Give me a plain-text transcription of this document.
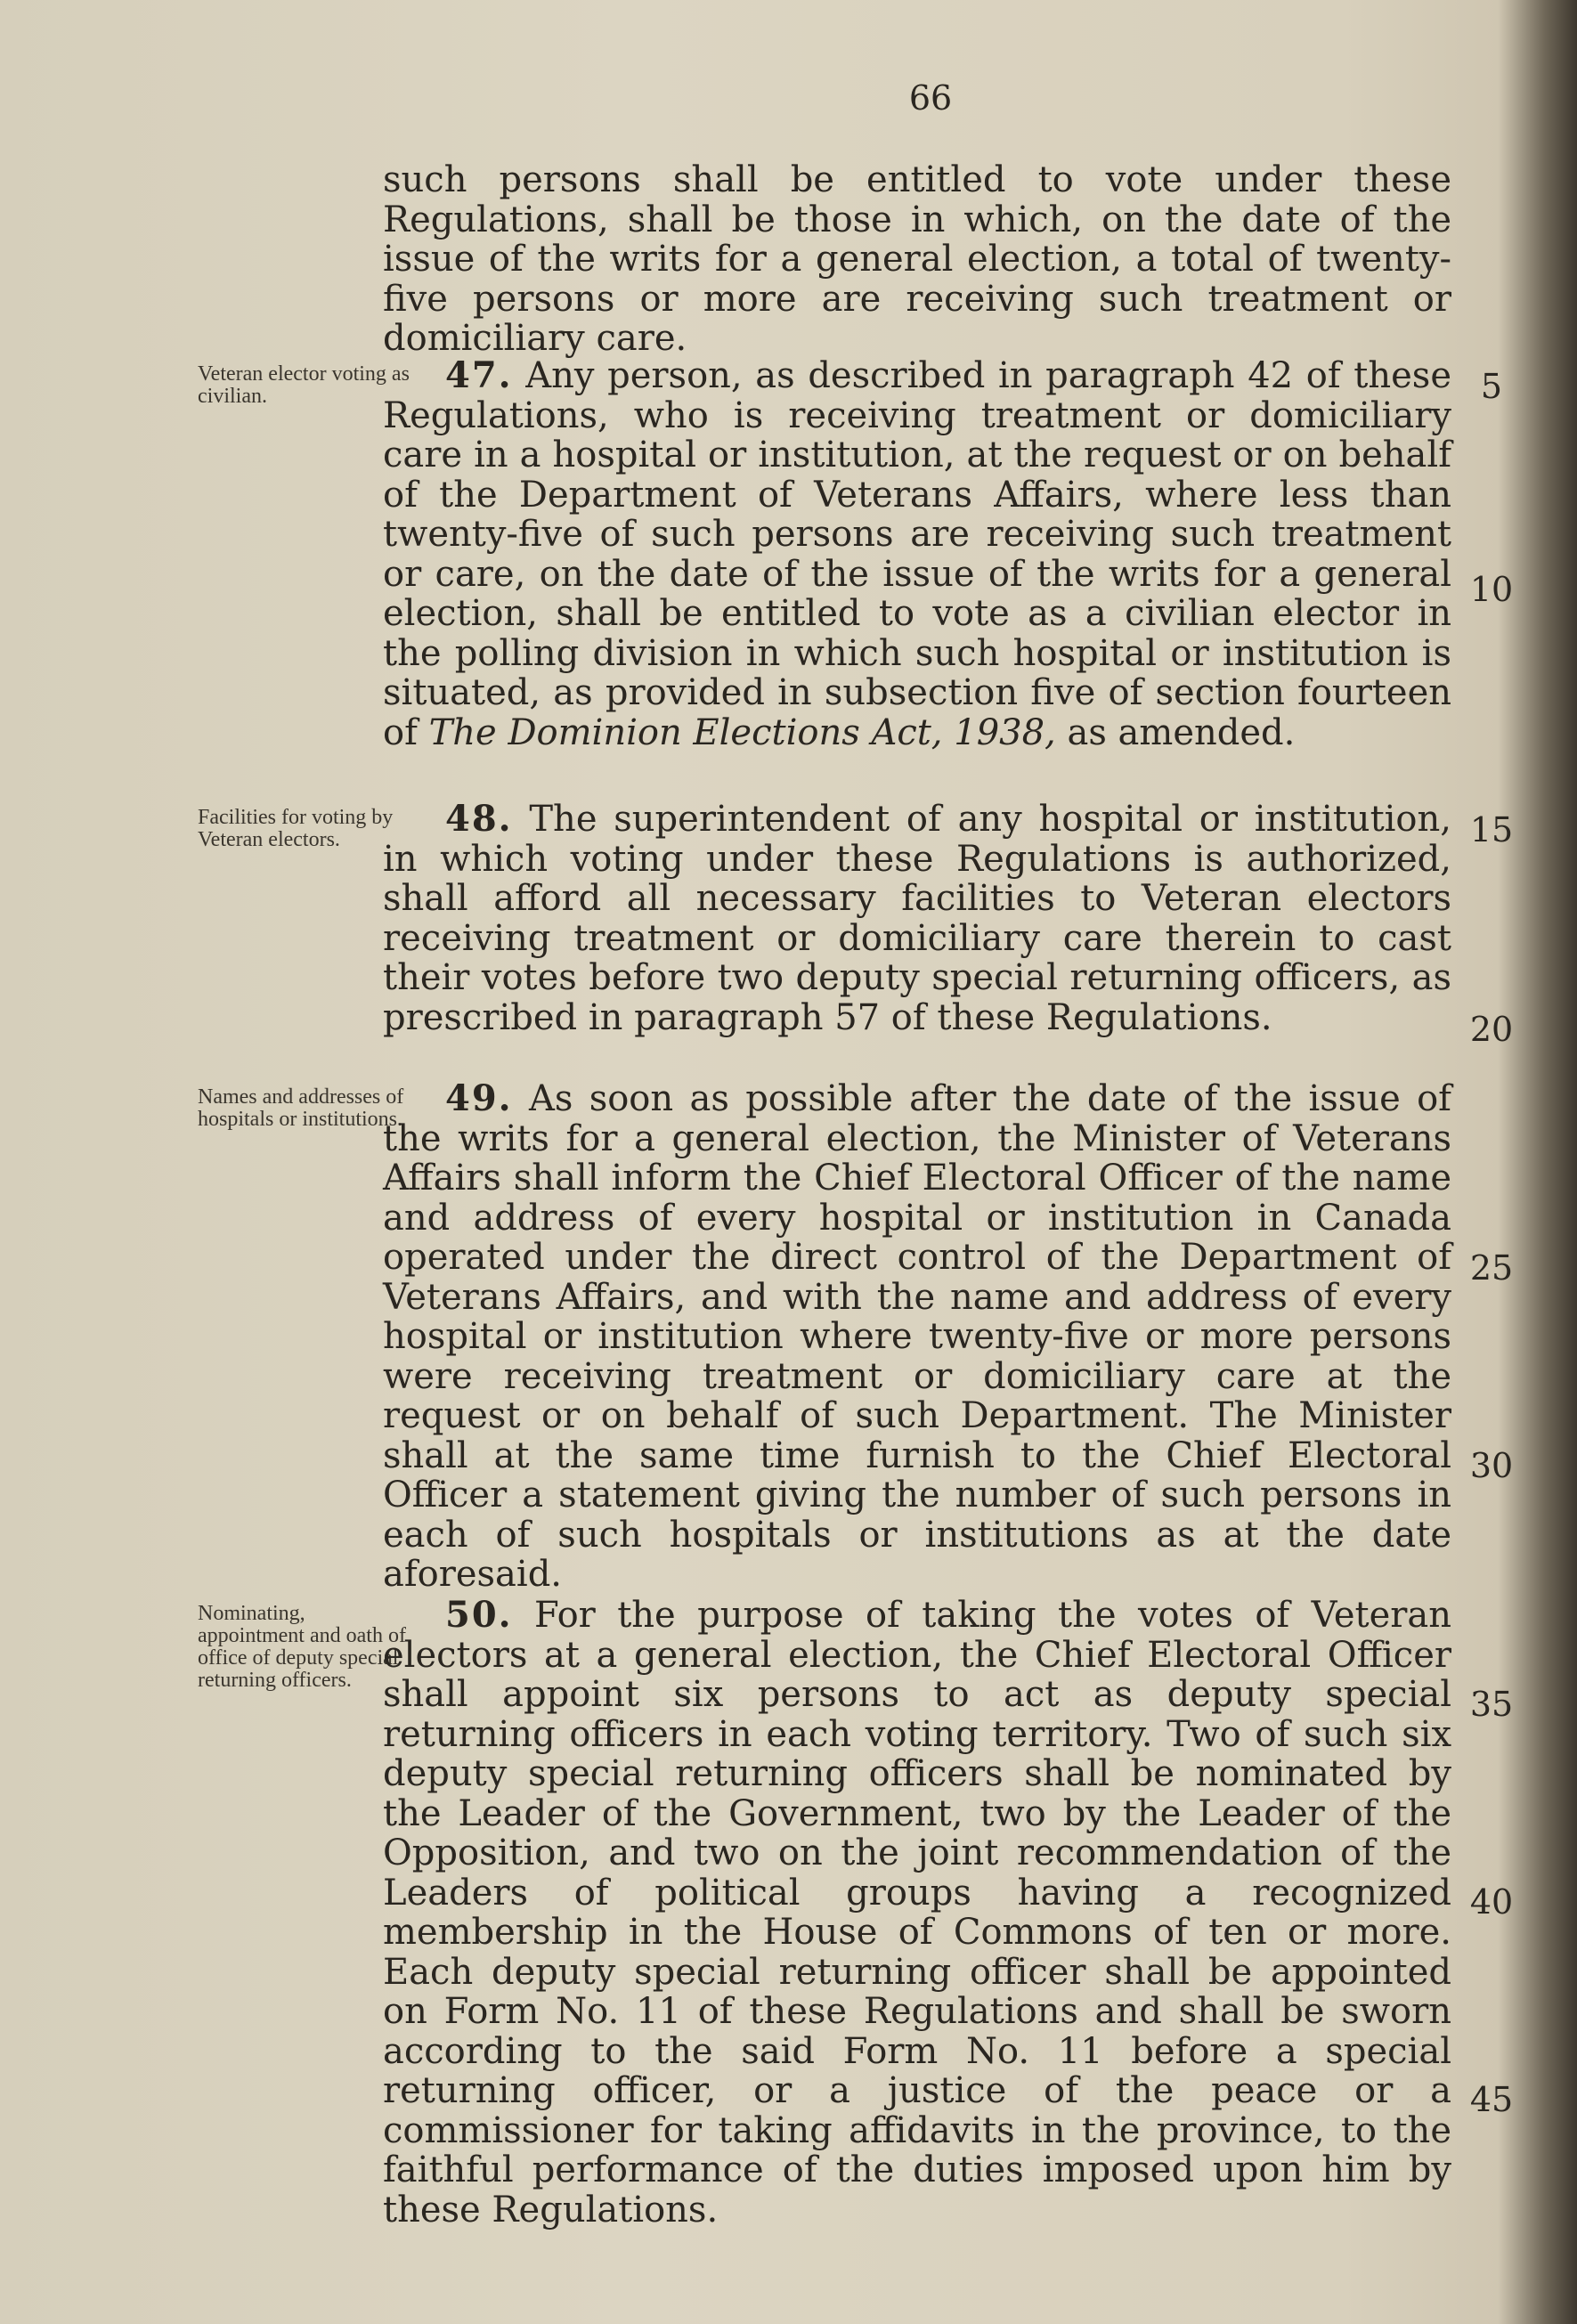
66
such persons shall be entitled to vote under these Regulations, shall be those in which, on the date of the issue of the writs for a general election, a total of twenty-five persons or more are receiving such treatment or domiciliary care.
Veteran elector voting as civilian.	47. Any person, as described in paragraph 42 of these Regulations, who is receiving treatment or domiciliary care in a hospital or institution, at the request or on behalf of the Department of Veterans Affairs, where less than twenty-five of such persons are receiving such treatment or care, on the date of the issue of the writs for a general election, shall be entitled to vote as a civilian elector in the polling division in which such hospital or institution is situated, as provided in subsection five of section fourteen of The Dominion Elections Act, 1938, as amended.
Facilities for voting by Veteran electors.	48. The superintendent of any hospital or institution, in which voting under these Regulations is authorized, shall afford all necessary facilities to Veteran electors receiving treatment or domiciliary care therein to cast their votes before two deputy special returning officers, as prescribed in paragraph 57 of these Regulations.
Names and addresses of hospitals or institutions.	49. As soon as possible after the date of the issue of the writs for a general election, the Minister of Veterans Affairs shall inform the Chief Electoral Officer of the name and address of every hospital or institution in Canada operated under the direct control of the Department of Veterans Affairs, and with the name and address of every hospital or institution where twenty-five or more persons were receiving treatment or domiciliary care at the request or on behalf of such Department. The Minister shall at the same time furnish to the Chief Electoral Officer a statement giving the number of such persons in each of such hospitals or institutions as at the date aforesaid.
Nominating, appointment and oath of office of deputy special returning officers.
50. For the purpose of taking the votes of Veteran electors at a general election, the Chief Electoral Officer shall appoint six persons to act as deputy special returning officers in each voting territory. Two of such six deputy special returning officers shall be nominated by the Leader of the Government, two by the Leader of the Opposition, and two on the joint recommendation of the Leaders of political groups having a recognized membership in the House of Commons of ten or more. Each deputy special returning officer shall be appointed on Form No. 11 of these Regulations and shall be sworn according to the said Form No. 11 before a special returning officer, or a justice of the peace or a commissioner for taking affidavits in the province, to the faithful performance of the duties imposed upon him by these Regulations.
5
10
15
20
25
30
35
40
45
